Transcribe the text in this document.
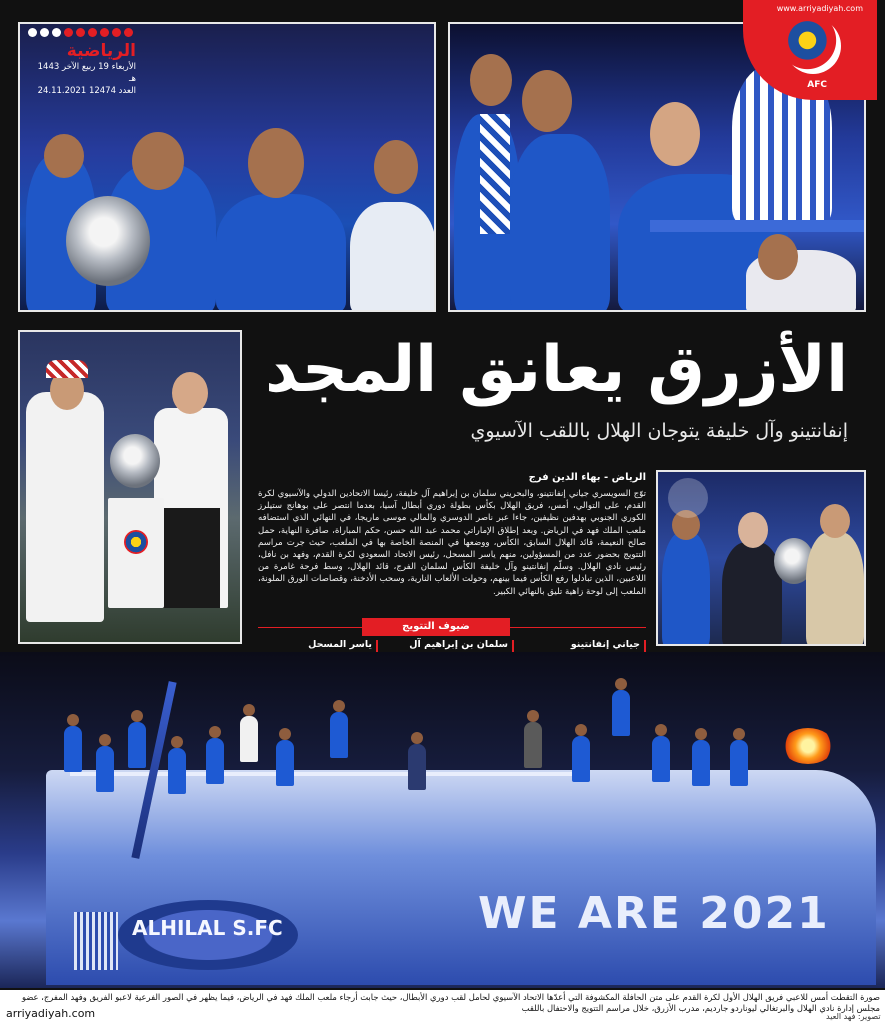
الرياضية
الأربعاء 19 ربيع الآخر 1443 هـ
24.11.2021 العدد 12474
www.arriyadiyah.com
AFC
الأزرق يعانق المجد
إنفانتينو وآل خليفة يتوجان الهلال باللقب الآسيوي
الرياض - بهاء الدين فرج
توّج السويسري جياني إنفانتينو، والبحريني سلمان بن إبراهيم آل خليفة، رئيسا الاتحادين الدولي والآسيوي لكرة القدم، على التوالي، أمس، فريق الهلال بكأس بطولة دوري أبطال آسيا، بعدما انتصر على بوهانج ستيلرز الكوري الجنوبي بهدفين نظيفين، جاءا عبر ناصر الدوسري والمالي موسى ماريجا، في النهائي الذي استضافه ملعب الملك فهد في الرياض. وبعد إطلاق الإماراتي محمد عبد الله حسن، حكم المباراة، صافرة النهاية، حمل صالح النعيمة، قائد الهلال السابق، الكأس، ووضعها في المنصة الخاصة بها في الملعب، حيث جرت مراسم التتويج بحضور عدد من المسؤولين، منهم ياسر المسحل، رئيس الاتحاد السعودي لكرة القدم، وفهد بن نافل، رئيس نادي الهلال. وسلّم إنفانتينو وآل خليفة الكأس لسلمان الفرج، قائد الهلال، وسط فرحة غامرة من اللاعبين، الذين تبادلوا رفع الكأس فيما بينهم، وحولت الألعاب النارية، وسحب الأدخنة، وقصاصات الورق الملونة، الملعب إلى لوحة زاهية تليق بالنهائي الكبير.
ضيوف التتويج
جياني إنفانتينو
سلمان بن إبراهيم آل
ياسر المسحل
WE ARE 2021
ALHILAL S.FC
صورة التقطت أمس للاعبي فريق الهلال الأول لكرة القدم على متن الحافلة المكشوفة التي أعدّها الاتحاد الآسيوي لحامل لقب دوري الأبطال، حيث جابت أرجاء ملعب الملك فهد في الرياض، فيما يظهر في الصور الفرعية لاعبو الفريق وفهد المفرج، عضو مجلس إدارة نادي الهلال والبرتغالي ليوناردو جارديم، مدرب الأزرق، خلال مراسم التتويج والاحتفال باللقب
arriyadiyah.com	تصوير: فهد العيد
